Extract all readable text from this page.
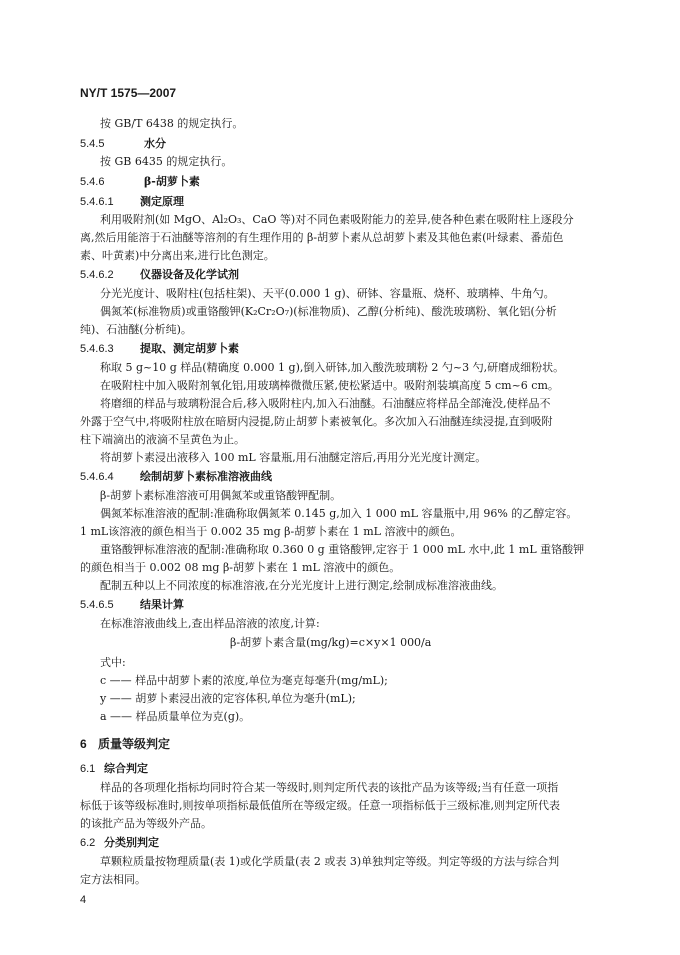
NY/T 1575—2007
按 GB/T 6438 的规定执行。
5.4.5	水分
按 GB 6435 的规定执行。
5.4.6	β-胡萝卜素
5.4.6.1 测定原理
利用吸附剂(如 MgO、Al₂O₃、CaO 等)对不同色素吸附能力的差异,使各种色素在吸附柱上逐段分
离,然后用能溶于石油醚等溶剂的有生理作用的 β-胡萝卜素从总胡萝卜素及其他色素(叶绿素、番茄色
素、叶黄素)中分离出来,进行比色测定。
5.4.6.2 仪器设备及化学试剂
分光光度计、吸附柱(包括柱架)、天平(0.000 1 g)、研钵、容量瓶、烧杯、玻璃棒、牛角勺。
偶氮苯(标准物质)或重铬酸钾(K₂Cr₂O₇)(标准物质)、乙醇(分析纯)、酸洗玻璃粉、氧化铝(分析
纯)、石油醚(分析纯)。
5.4.6.3 提取、测定胡萝卜素
称取 5 g~10 g 样品(精确度 0.000 1 g),倒入研钵,加入酸洗玻璃粉 2 勺~3 勺,研磨成细粉状。
在吸附柱中加入吸附剂氧化铝,用玻璃棒微微压紧,使松紧适中。吸附剂装填高度 5 cm~6 cm。
将磨细的样品与玻璃粉混合后,移入吸附柱内,加入石油醚。石油醚应将样品全部淹没,使样品不
外露于空气中,将吸附柱放在暗厨内浸提,防止胡萝卜素被氧化。多次加入石油醚连续浸提,直到吸附
柱下端滴出的液滴不呈黄色为止。
将胡萝卜素浸出液移入 100 mL 容量瓶,用石油醚定溶后,再用分光光度计测定。
5.4.6.4 绘制胡萝卜素标准溶液曲线
β-胡萝卜素标准溶液可用偶氮苯或重铬酸钾配制。
偶氮苯标准溶液的配制:准确称取偶氮苯 0.145 g,加入 1 000 mL 容量瓶中,用 96% 的乙醇定容。
1 mL该溶液的颜色相当于 0.002 35 mg β-胡萝卜素在 1 mL 溶液中的颜色。
重铬酸钾标准溶液的配制:准确称取 0.360 0 g 重铬酸钾,定容于 1 000 mL 水中,此 1 mL 重铬酸钾
的颜色相当于 0.002 08 mg β-胡萝卜素在 1 mL 溶液中的颜色。
配制五种以上不同浓度的标准溶液,在分光光度计上进行测定,绘制成标准溶液曲线。
5.4.6.5 结果计算
在标准溶液曲线上,查出样品溶液的浓度,计算:
β-胡萝卜素含量(mg/kg)=c×y×1 000/a
式中:
c —— 样品中胡萝卜素的浓度,单位为毫克每毫升(mg/mL);
y —— 胡萝卜素浸出液的定容体积,单位为毫升(mL);
a —— 样品质量单位为克(g)。
6 质量等级判定
6.1 综合判定
样品的各项理化指标均同时符合某一等级时,则判定所代表的该批产品为该等级;当有任意一项指
标低于该等级标准时,则按单项指标最低值所在等级定级。任意一项指标低于三级标准,则判定所代表
的该批产品为等级外产品。
6.2 分类别判定
草颗粒质量按物理质量(表 1)或化学质量(表 2 或表 3)单独判定等级。判定等级的方法与综合判
定方法相同。
4
